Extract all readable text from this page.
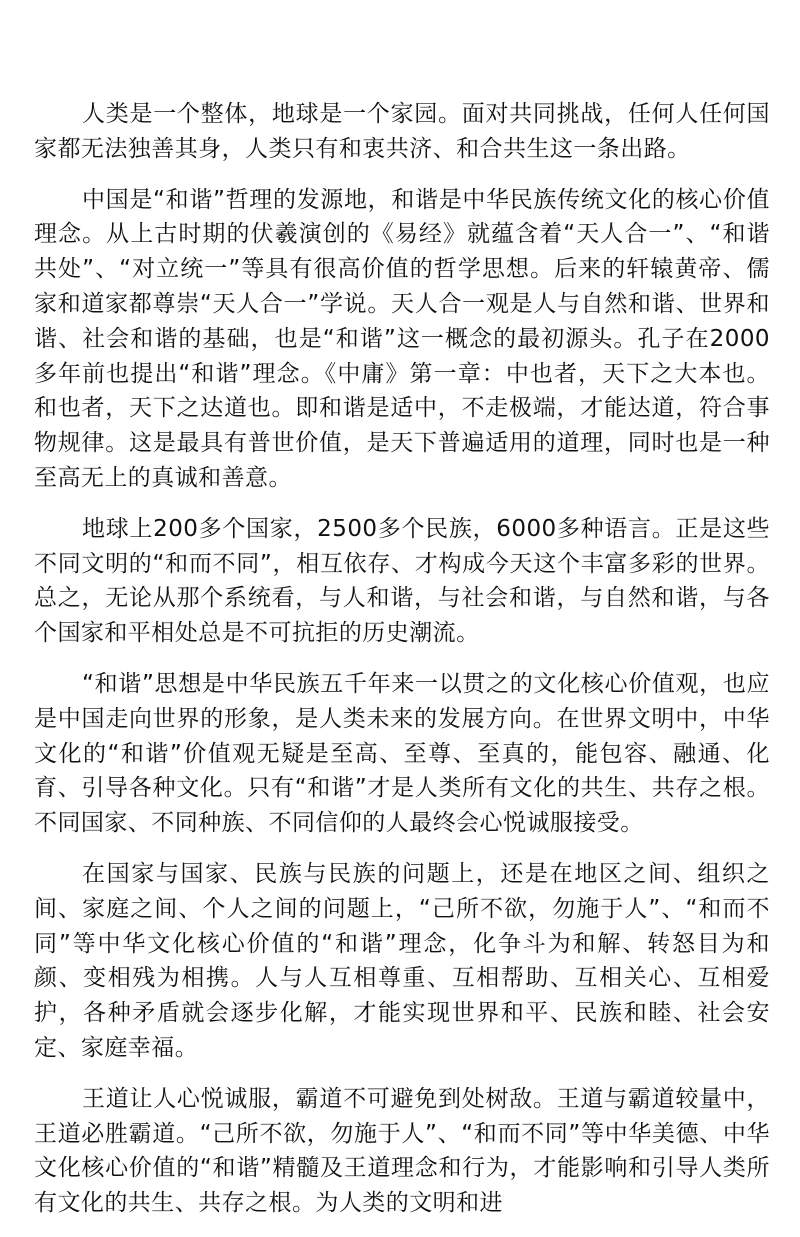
人类是一个整体，地球是一个家园。面对共同挑战，任何人任何国家都无法独善其身，人类只有和衷共济、和合共生这一条出路。

中国是“和谐”哲理的发源地，和谐是中华民族传统文化的核心价值理念。从上古时期的伏羲演创的《易经》就蕴含着“天人合一”、“和谐共处”、“对立统一”等具有很高价值的哲学思想。后来的轩辕黄帝、儒家和道家都尊崇“天人合一”学说。天人合一观是人与自然和谐、世界和谐、社会和谐的基础，也是“和谐”这一概念的最初源头。孔子在2000多年前也提出“和谐”理念。《中庸》第一章：中也者，天下之大本也。和也者，天下之达道也。即和谐是适中，不走极端，才能达道，符合事物规律。这是最具有普世价值，是天下普遍适用的道理，同时也是一种至高无上的真诚和善意。

地球上200多个国家，2500多个民族，6000多种语言。正是这些不同文明的“和而不同”，相互依存、才构成今天这个丰富多彩的世界。总之，无论从那个系统看，与人和谐，与社会和谐，与自然和谐，与各个国家和平相处总是不可抗拒的历史潮流。

“和谐”思想是中华民族五千年来一以贯之的文化核心价值观，也应是中国走向世界的形象，是人类未来的发展方向。在世界文明中，中华文化的“和谐”价值观无疑是至高、至尊、至真的，能包容、融通、化育、引导各种文化。只有“和谐”才是人类所有文化的共生、共存之根。不同国家、不同种族、不同信仰的人最终会心悦诚服接受。

在国家与国家、民族与民族的问题上，还是在地区之间、组织之间、家庭之间、个人之间的问题上，“己所不欲，勿施于人”、“和而不同”等中华文化核心价值的“和谐”理念，化争斗为和解、转怒目为和颜、变相残为相携。人与人互相尊重、互相帮助、互相关心、互相爱护，各种矛盾就会逐步化解，才能实现世界和平、民族和睦、社会安定、家庭幸福。

王道让人心悦诚服，霸道不可避免到处树敌。王道与霸道较量中，王道必胜霸道。“己所不欲，勿施于人”、“和而不同”等中华美德、中华文化核心价值的“和谐”精髓及王道理念和行为，才能影响和引导人类所有文化的共生、共存之根。为人类的文明和进
